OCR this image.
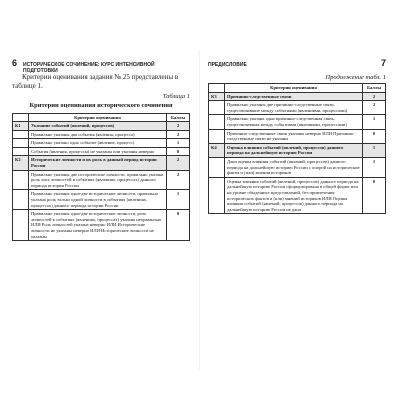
6 ИСТОРИЧЕСКОЕ СОЧИНЕНИЕ: КУРС ИНТЕНСИВНОЙ ПОДГОТОВКИ
Критерии оценивания задания № 25 представлены в таблице 1.
Таблица 1
Критерии оценивания исторического сочинения
	Критерии оценивания	Баллы
К1	Указание событий (явлений, процессов)	2
	Правильно указаны два события (явления, процесса)	2
	Правильно указано одно событие (явление, процесс)	1
	События (явления, процессы) не указаны или указаны неверно	0
К2	Исторические личности и их роль в данный период истории России	2
	Правильно указаны две исторические личности, правильно указана роль этих личностей в событиях (явлениях, процессах) данного периода истории России	2
	Правильно указаны одна-две исторические личности, правильно указана роль только одной личности в событиях (явлениях, процессах) данного периода истории России	1
	Правильно указаны одна-две исторические личности, роль личностей в событиях (явлениях, процессах) указана неправильно ИЛИ Роль личностей указана неверно ИЛИ Исторические личности не указаны неверно ИЛИ Исторические личности не указаны	0
ПРЕДИСЛОВИЕ	7
Продолжение табл. 1
	Критерии оценивания	Баллы
К3	Причинно-следственные связи	2
	Правильно указаны две причинно-следственные связи, существовавшие между событиями (явлениями, процессами)	2
	Правильно указана одна причинно-следственная связь, существовавшая между событиями (явлениями, процессами)	1
	Причинно-следственные связи указаны неверно ИЛИ Причинно-следственные связи не указаны	0
К4	Оценка влияния событий (явлений, процессов) данного периода на дальнейшую историю России	1
	Дана оценка влияния событий (явлений, процессов) данного периода на дальнейшую историю России с опорой на исторические факты и (или) мнения историков	1
	Оценка влияния событий (явлений, процессов) данного периода на дальнейшую историю России сформулирована в общей форме или на уровне обыденных представлений, без привлечения исторических фактов и (или) мнений историков ИЛИ Оценка влияния событий (явлений, процессов) данного периода на дальнейшую историю России не дана	0
